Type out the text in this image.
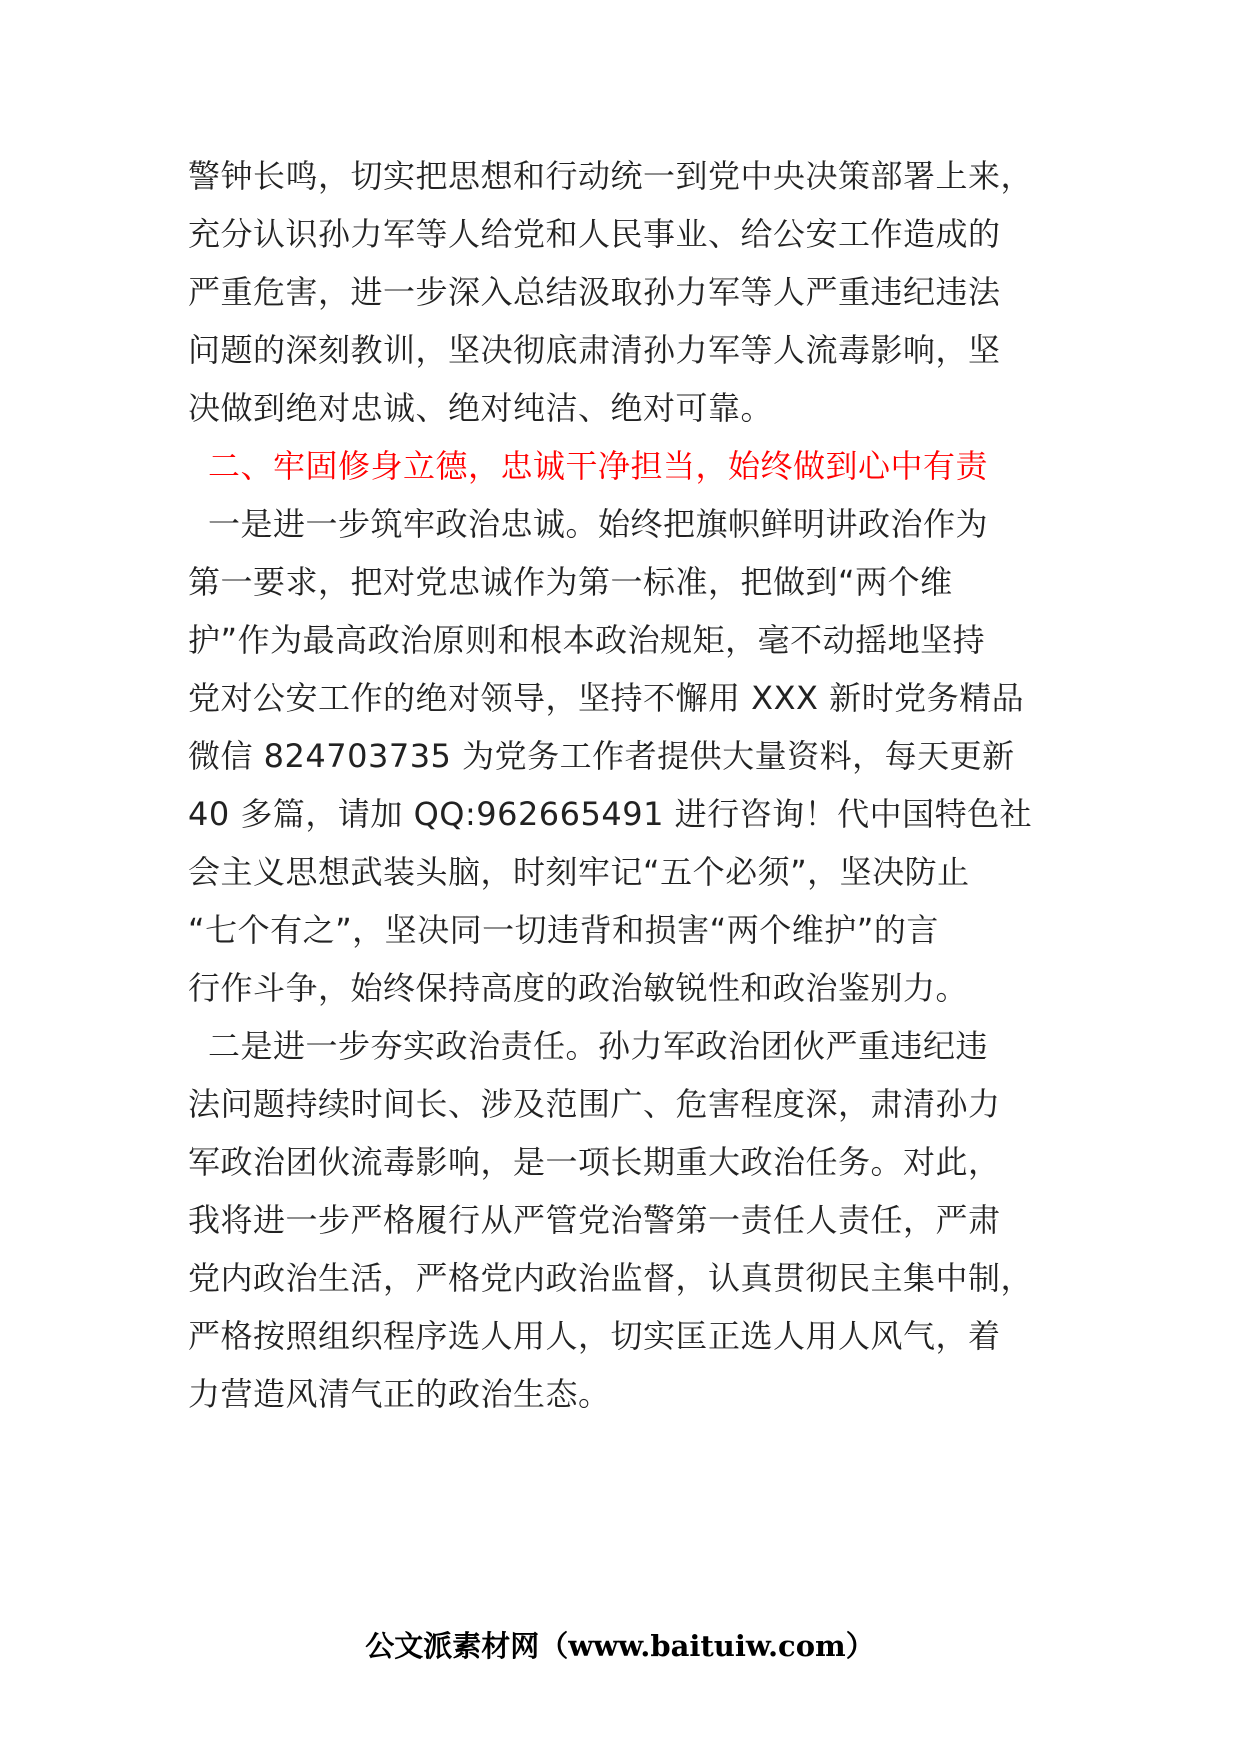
警钟长鸣，切实把思想和行动统一到党中央决策部署上来，
充分认识孙力军等人给党和人民事业、给公安工作造成的
严重危害，进一步深入总结汲取孙力军等人严重违纪违法
问题的深刻教训，坚决彻底肃清孙力军等人流毒影响，坚
决做到绝对忠诚、绝对纯洁、绝对可靠。
二、牢固修身立德，忠诚干净担当，始终做到心中有责
一是进一步筑牢政治忠诚。始终把旗帜鲜明讲政治作为
第一要求，把对党忠诚作为第一标准，把做到“两个维
护”作为最高政治原则和根本政治规矩，毫不动摇地坚持
党对公安工作的绝对领导，坚持不懈用 XXX 新时党务精品
微信 824703735 为党务工作者提供大量资料，每天更新
40 多篇，请加 QQ:962665491 进行咨询！代中国特色社
会主义思想武装头脑，时刻牢记“五个必须”，坚决防止
“七个有之”，坚决同一切违背和损害“两个维护”的言
行作斗争，始终保持高度的政治敏锐性和政治鉴别力。
二是进一步夯实政治责任。孙力军政治团伙严重违纪违
法问题持续时间长、涉及范围广、危害程度深，肃清孙力
军政治团伙流毒影响，是一项长期重大政治任务。对此，
我将进一步严格履行从严管党治警第一责任人责任，严肃
党内政治生活，严格党内政治监督，认真贯彻民主集中制，
严格按照组织程序选人用人，切实匡正选人用人风气，着
力营造风清气正的政治生态。
公文派素材网（www.baituiw.com）
